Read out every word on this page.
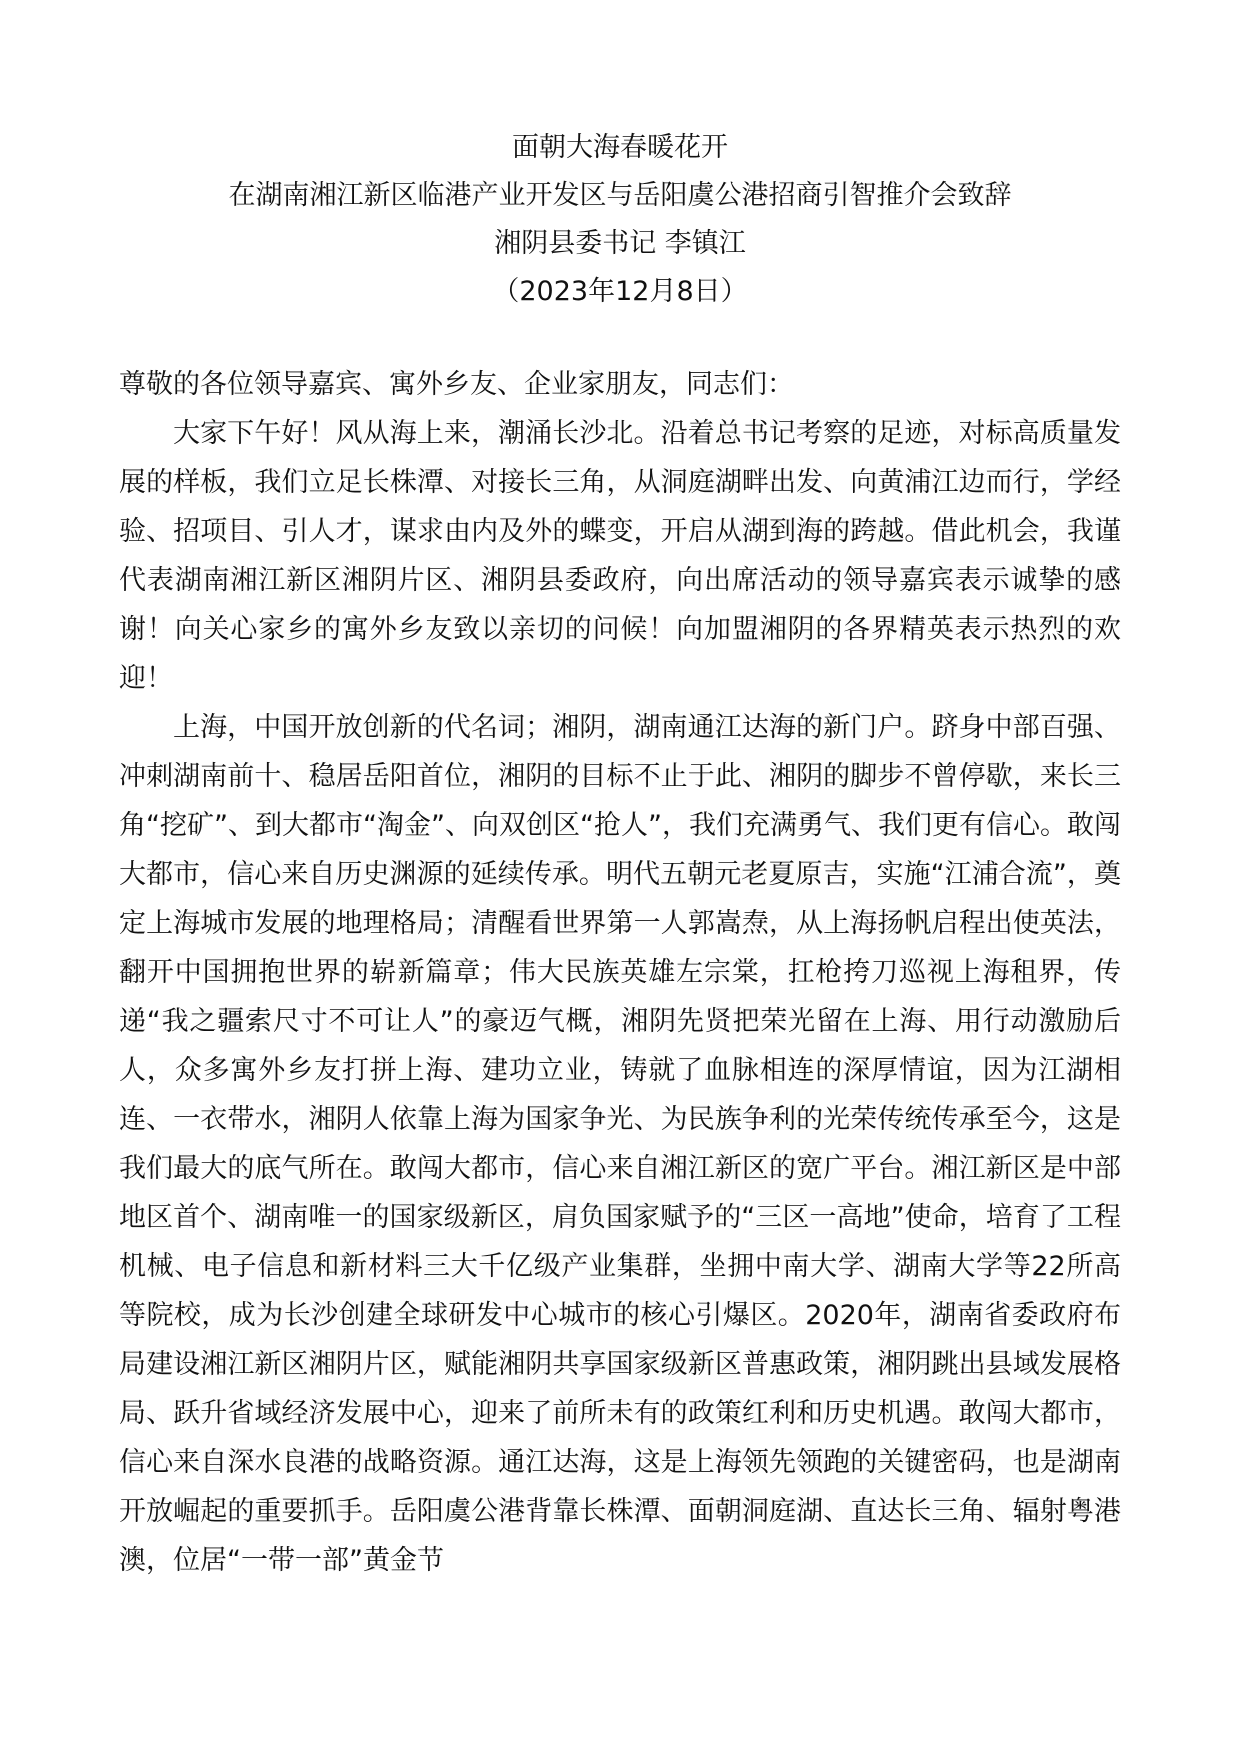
面朝大海春暖花开
在湖南湘江新区临港产业开发区与岳阳虞公港招商引智推介会致辞
湘阴县委书记 李镇江
（2023年12月8日）
尊敬的各位领导嘉宾、寓外乡友、企业家朋友，同志们：

大家下午好！风从海上来，潮涌长沙北。沿着总书记考察的足迹，对标高质量发展的样板，我们立足长株潭、对接长三角，从洞庭湖畔出发、向黄浦江边而行，学经验、招项目、引人才，谋求由内及外的蝶变，开启从湖到海的跨越。借此机会，我谨代表湖南湘江新区湘阴片区、湘阴县委政府，向出席活动的领导嘉宾表示诚挚的感谢！向关心家乡的寓外乡友致以亲切的问候！向加盟湘阴的各界精英表示热烈的欢迎！

上海，中国开放创新的代名词；湘阴，湖南通江达海的新门户。跻身中部百强、冲刺湖南前十、稳居岳阳首位，湘阴的目标不止于此、湘阴的脚步不曾停歇，来长三角“挖矿”、到大都市“淘金”、向双创区“抢人”，我们充满勇气、我们更有信心。敢闯大都市，信心来自历史渊源的延续传承。明代五朝元老夏原吉，实施“江浦合流”，奠定上海城市发展的地理格局；清醒看世界第一人郭嵩焘，从上海扬帆启程出使英法，翻开中国拥抱世界的崭新篇章；伟大民族英雄左宗棠，扛枪挎刀巡视上海租界，传递“我之疆索尺寸不可让人”的豪迈气概，湘阴先贤把荣光留在上海、用行动激励后人，众多寓外乡友打拼上海、建功立业，铸就了血脉相连的深厚情谊，因为江湖相连、一衣带水，湘阴人依靠上海为国家争光、为民族争利的光荣传统传承至今，这是我们最大的底气所在。敢闯大都市，信心来自湘江新区的宽广平台。湘江新区是中部地区首个、湖南唯一的国家级新区，肩负国家赋予的“三区一高地”使命，培育了工程机械、电子信息和新材料三大千亿级产业集群，坐拥中南大学、湖南大学等22所高等院校，成为长沙创建全球研发中心城市的核心引爆区。2020年，湖南省委政府布局建设湘江新区湘阴片区，赋能湘阴共享国家级新区普惠政策，湘阴跳出县域发展格局、跃升省域经济发展中心，迎来了前所未有的政策红利和历史机遇。敢闯大都市，信心来自深水良港的战略资源。通江达海，这是上海领先领跑的关键密码，也是湖南开放崛起的重要抓手。岳阳虞公港背靠长株潭、面朝洞庭湖、直达长三角、辐射粤港澳，位居“一带一部”黄金节
